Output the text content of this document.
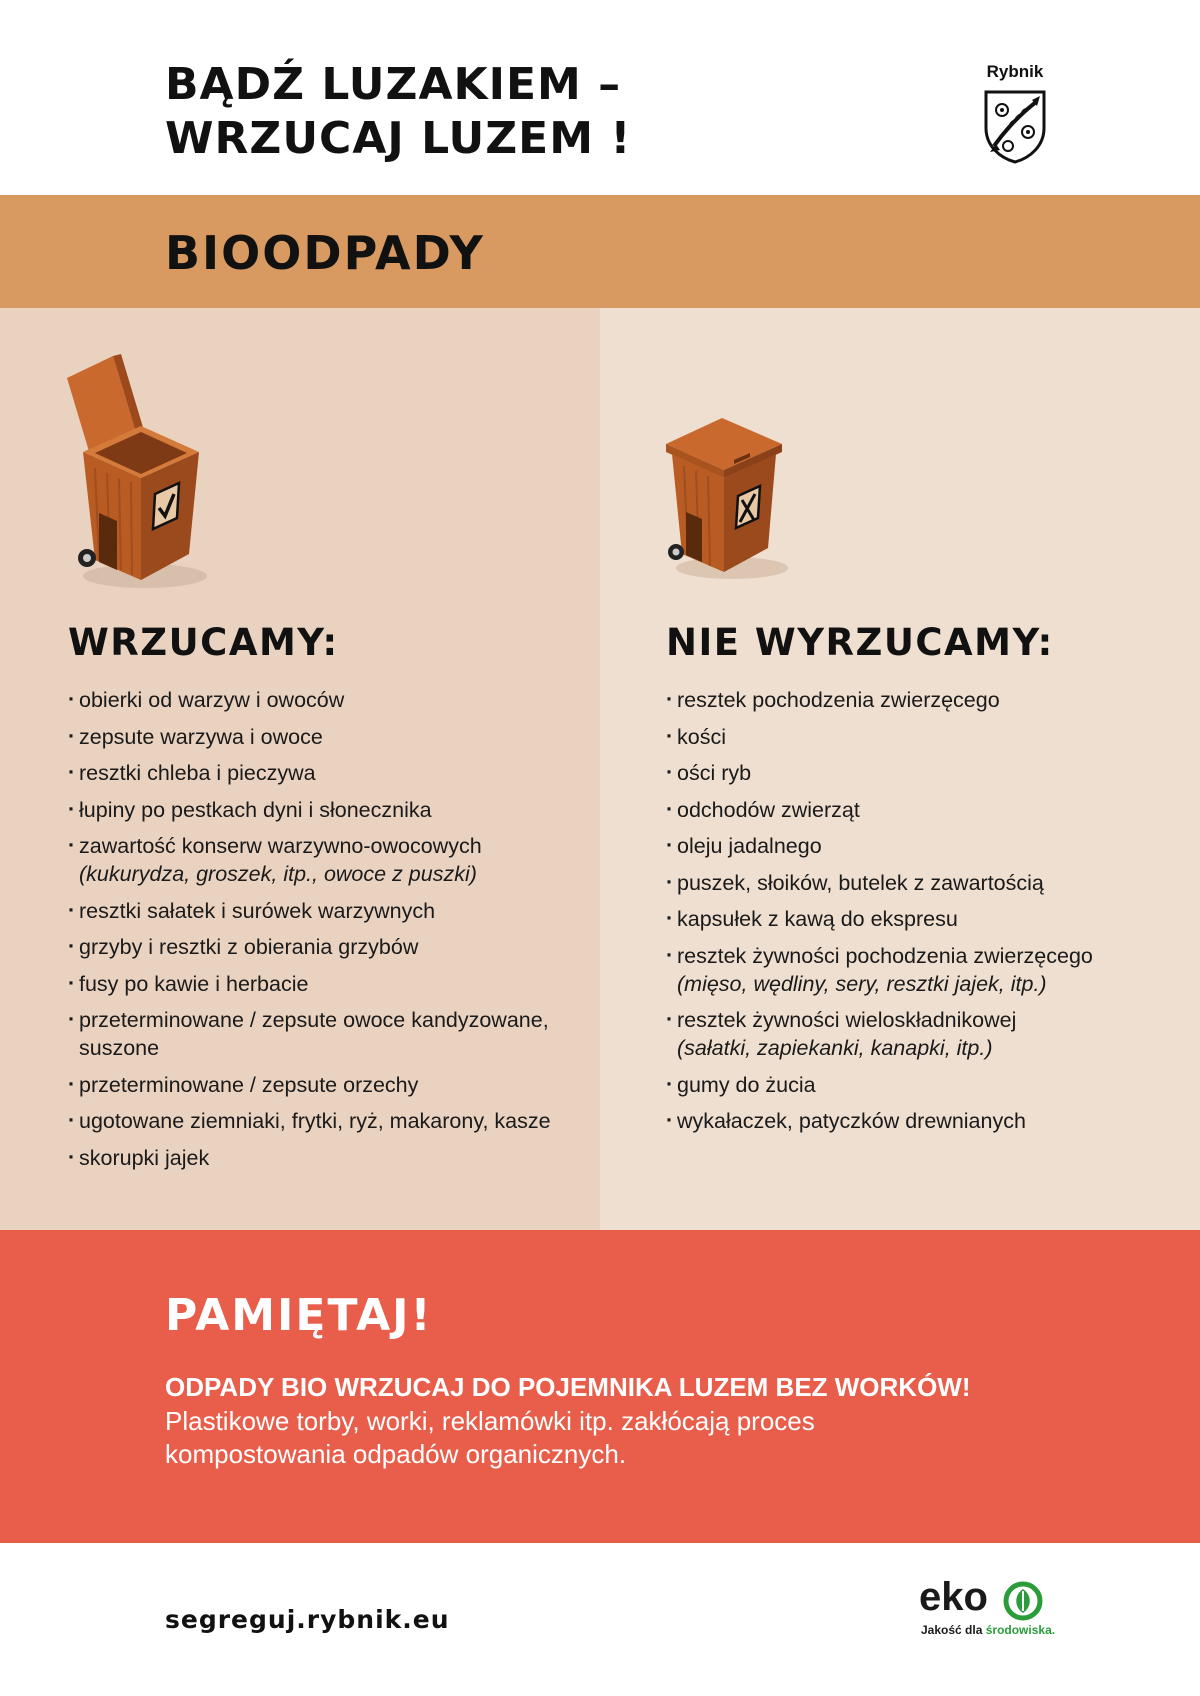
BĄDŹ LUZAKIEM –
WRZUCAJ LUZEM !
Rybnik
BIOODPADY
WRZUCAMY:
· obierki od warzyw i owoców
· zepsute warzywa i owoce
· resztki chleba i pieczywa
· łupiny po pestkach dyni i słonecznika
· zawartość konserw warzywno-owocowych
(kukurydza, groszek, itp., owoce z puszki)
· resztki sałatek i surówek warzywnych
· grzyby i resztki z obierania grzybów
· fusy po kawie i herbacie
· przeterminowane / zepsute owoce kandyzowane, suszone
· przeterminowane / zepsute orzechy
· ugotowane ziemniaki, frytki, ryż, makarony, kasze
· skorupki jajek
NIE WYRZUCAMY:
· resztek pochodzenia zwierzęcego
· kości
· ości ryb
· odchodów zwierząt
· oleju jadalnego
· puszek, słoików, butelek z zawartością
· kapsułek z kawą do ekspresu
· resztek żywności pochodzenia zwierzęcego
(mięso, wędliny, sery, resztki jajek, itp.)
· resztek żywności wieloskładnikowej
(sałatki, zapiekanki, kanapki, itp.)
· gumy do żucia
· wykałaczek, patyczków drewnianych
PAMIĘTAJ!

ODPADY BIO WRZUCAJ DO POJEMNIKA LUZEM BEZ WORKÓW!

Plastikowe torby, worki, reklamówki itp. zakłócają proces kompostowania odpadów organicznych.

segreguj.rybnik.eu
eko
Jakość dla środowiska.
